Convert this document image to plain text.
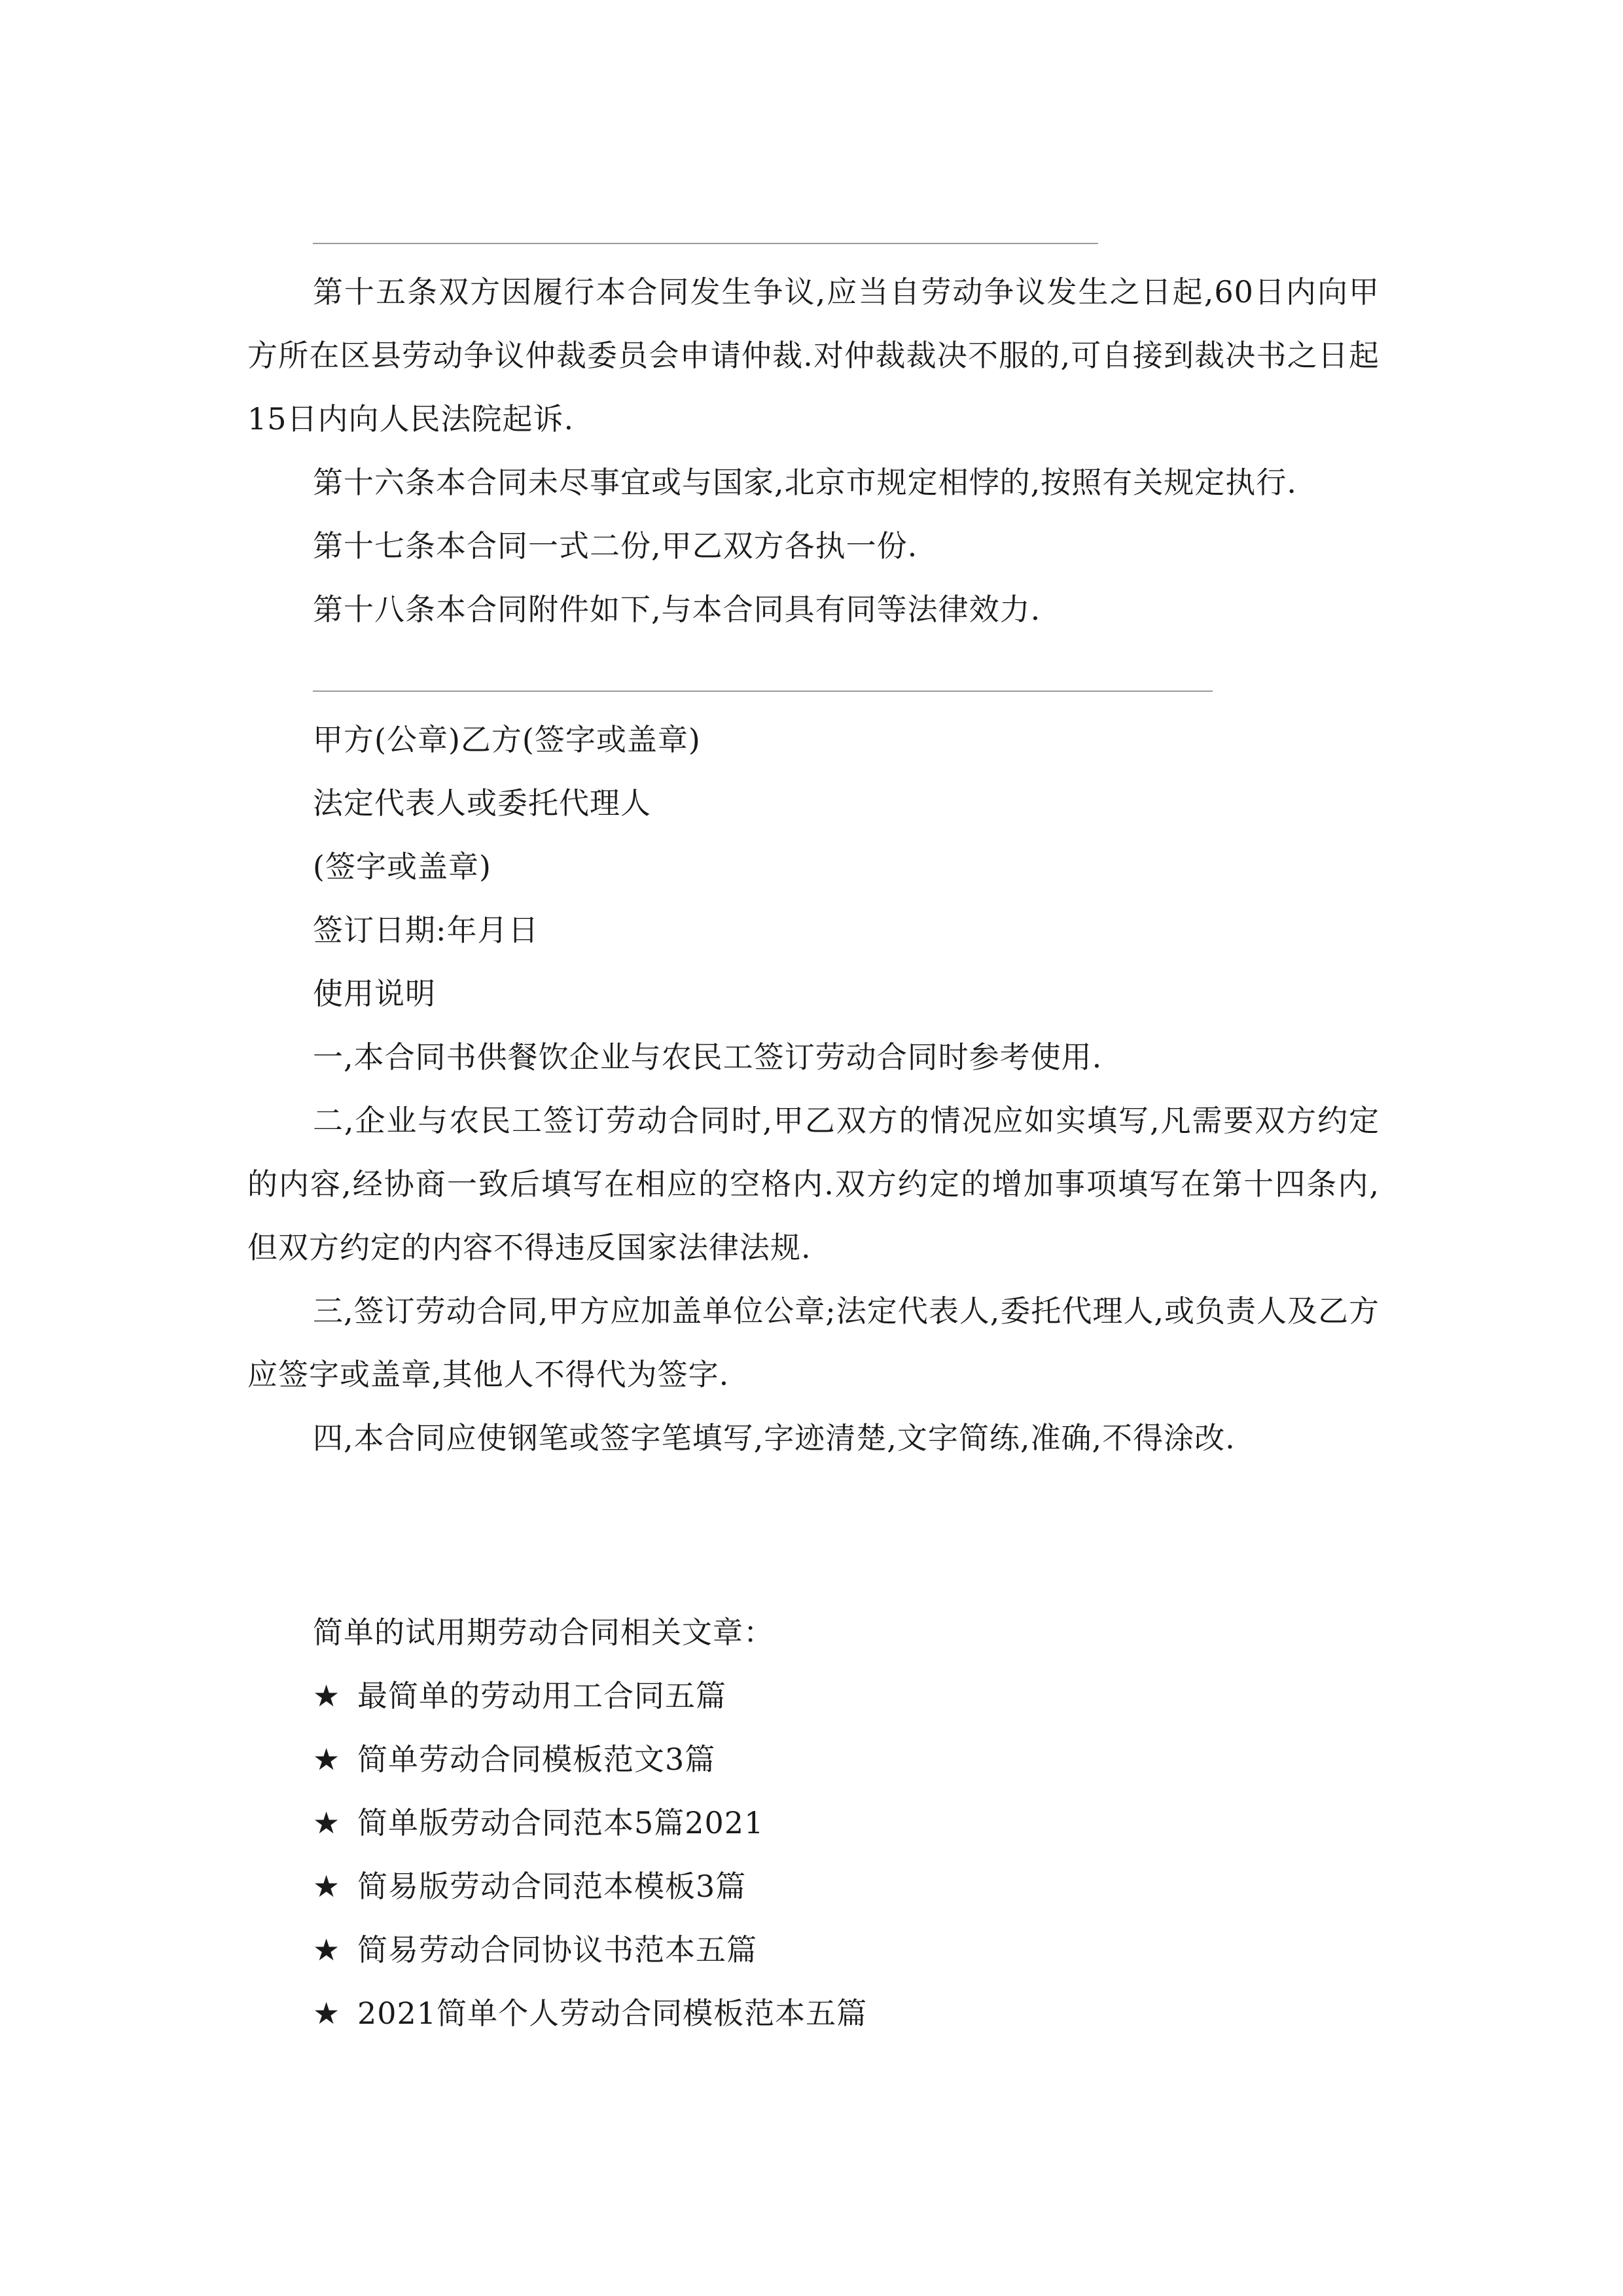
第十五条双方因履行本合同发生争议,应当自劳动争议发生之日起,60日内向甲方所在区县劳动争议仲裁委员会申请仲裁.对仲裁裁决不服的,可自接到裁决书之日起15日内向人民法院起诉.

第十六条本合同未尽事宜或与国家,北京市规定相悖的,按照有关规定执行.

第十七条本合同一式二份,甲乙双方各执一份.

第十八条本合同附件如下,与本合同具有同等法律效力.

甲方(公章)乙方(签字或盖章)

法定代表人或委托代理人

(签字或盖章)

签订日期:年月日

使用说明

一,本合同书供餐饮企业与农民工签订劳动合同时参考使用.

二,企业与农民工签订劳动合同时,甲乙双方的情况应如实填写,凡需要双方约定的内容,经协商一致后填写在相应的空格内.双方约定的增加事项填写在第十四条内,但双方约定的内容不得违反国家法律法规.

三,签订劳动合同,甲方应加盖单位公章;法定代表人,委托代理人,或负责人及乙方应签字或盖章,其他人不得代为签字.

四,本合同应使钢笔或签字笔填写,字迹清楚,文字简练,准确,不得涂改.

简单的试用期劳动合同相关文章：

★ 最简单的劳动用工合同五篇

★ 简单劳动合同模板范文3篇

★ 简单版劳动合同范本5篇2021

★ 简易版劳动合同范本模板3篇

★ 简易劳动合同协议书范本五篇

★ 2021简单个人劳动合同模板范本五篇
